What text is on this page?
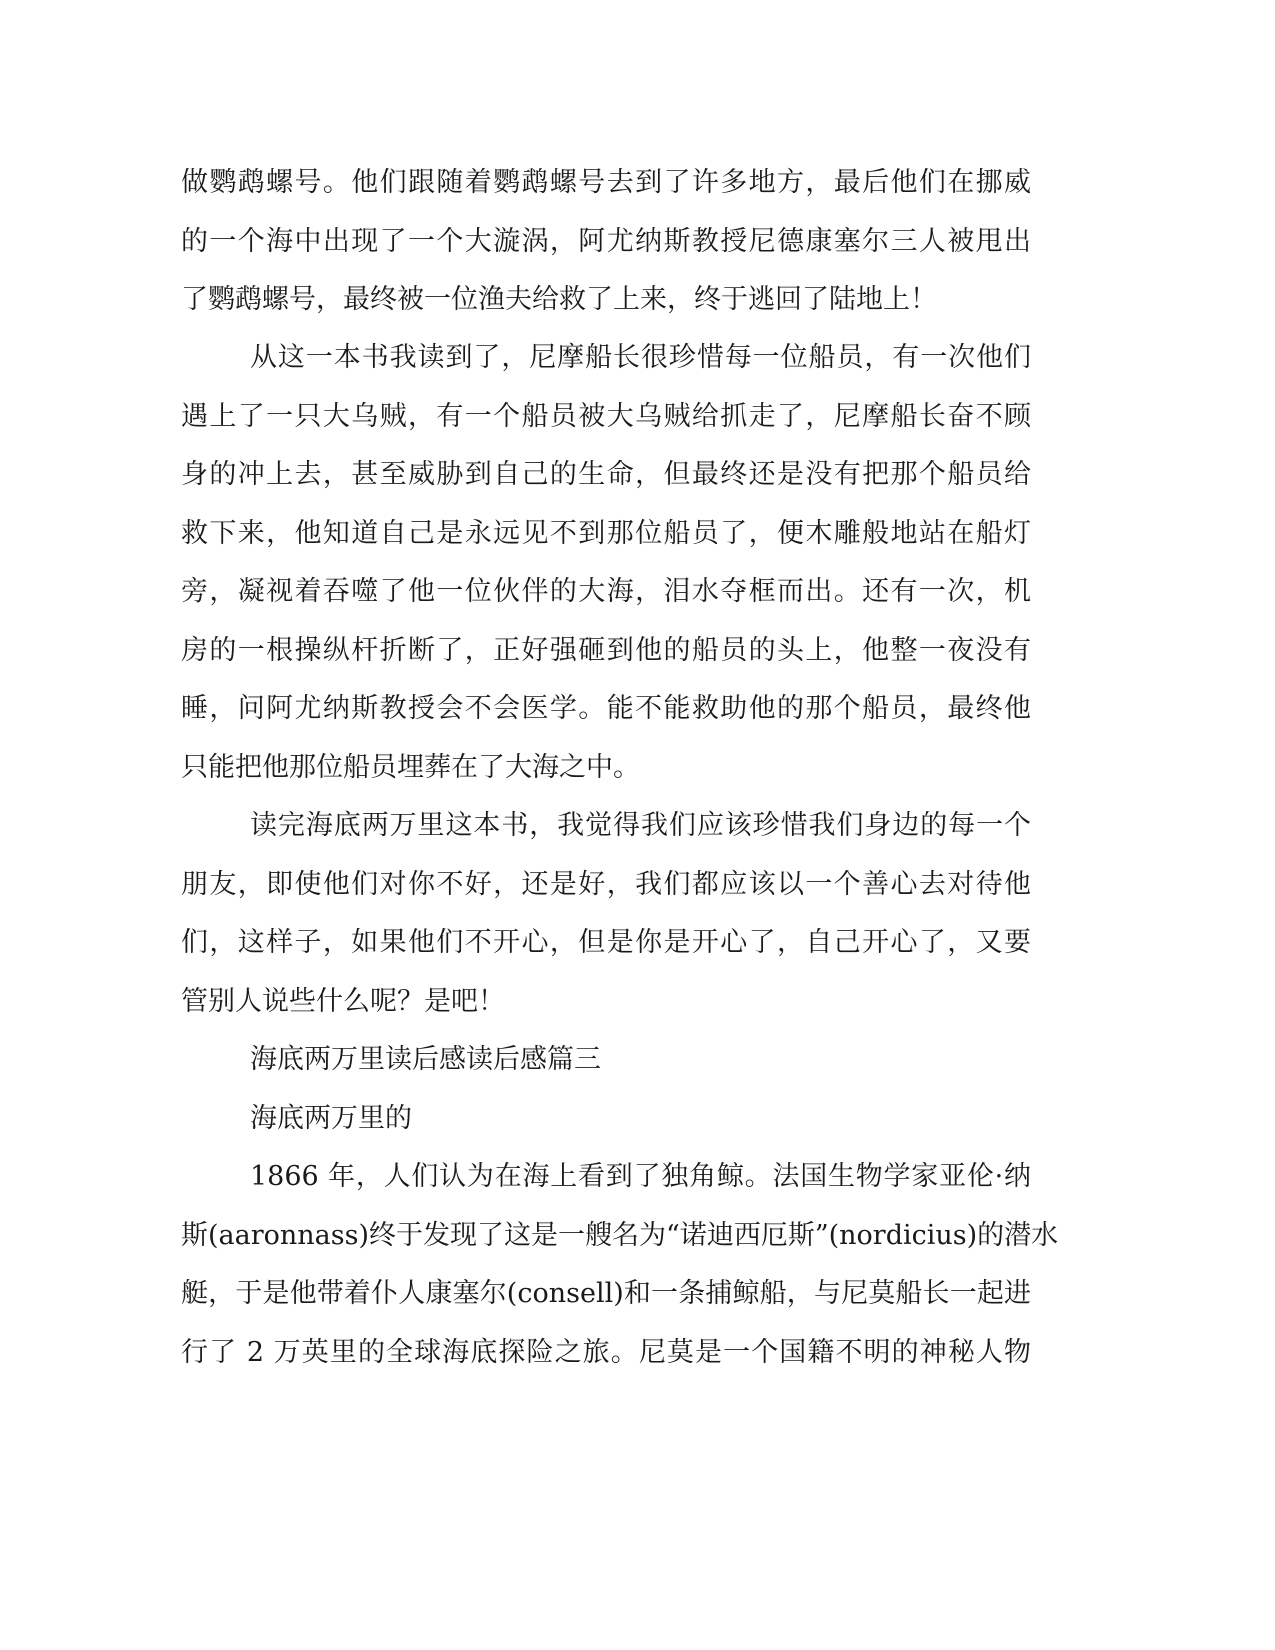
做鹦鹉螺号。他们跟随着鹦鹉螺号去到了许多地方，最后他们在挪威

的一个海中出现了一个大漩涡，阿尤纳斯教授尼德康塞尔三人被甩出

了鹦鹉螺号，最终被一位渔夫给救了上来，终于逃回了陆地上！

从这一本书我读到了，尼摩船长很珍惜每一位船员，有一次他们

遇上了一只大乌贼，有一个船员被大乌贼给抓走了，尼摩船长奋不顾

身的冲上去，甚至威胁到自己的生命，但最终还是没有把那个船员给

救下来，他知道自己是永远见不到那位船员了，便木雕般地站在船灯

旁，凝视着吞噬了他一位伙伴的大海，泪水夺框而出。还有一次，机

房的一根操纵杆折断了，正好强砸到他的船员的头上，他整一夜没有

睡，问阿尤纳斯教授会不会医学。能不能救助他的那个船员，最终他

只能把他那位船员埋葬在了大海之中。

读完海底两万里这本书，我觉得我们应该珍惜我们身边的每一个

朋友，即使他们对你不好，还是好，我们都应该以一个善心去对待他

们，这样子，如果他们不开心，但是你是开心了，自己开心了，又要

管别人说些什么呢？是吧！

海底两万里读后感读后感篇三

海底两万里的

1866 年，人们认为在海上看到了独角鲸。法国生物学家亚伦·纳

斯(aaronnass)终于发现了这是一艘名为“诺迪西厄斯”(nordicius)的潜水

艇，于是他带着仆人康塞尔(consell)和一条捕鲸船，与尼莫船长一起进

行了 2 万英里的全球海底探险之旅。尼莫是一个国籍不明的神秘人物
